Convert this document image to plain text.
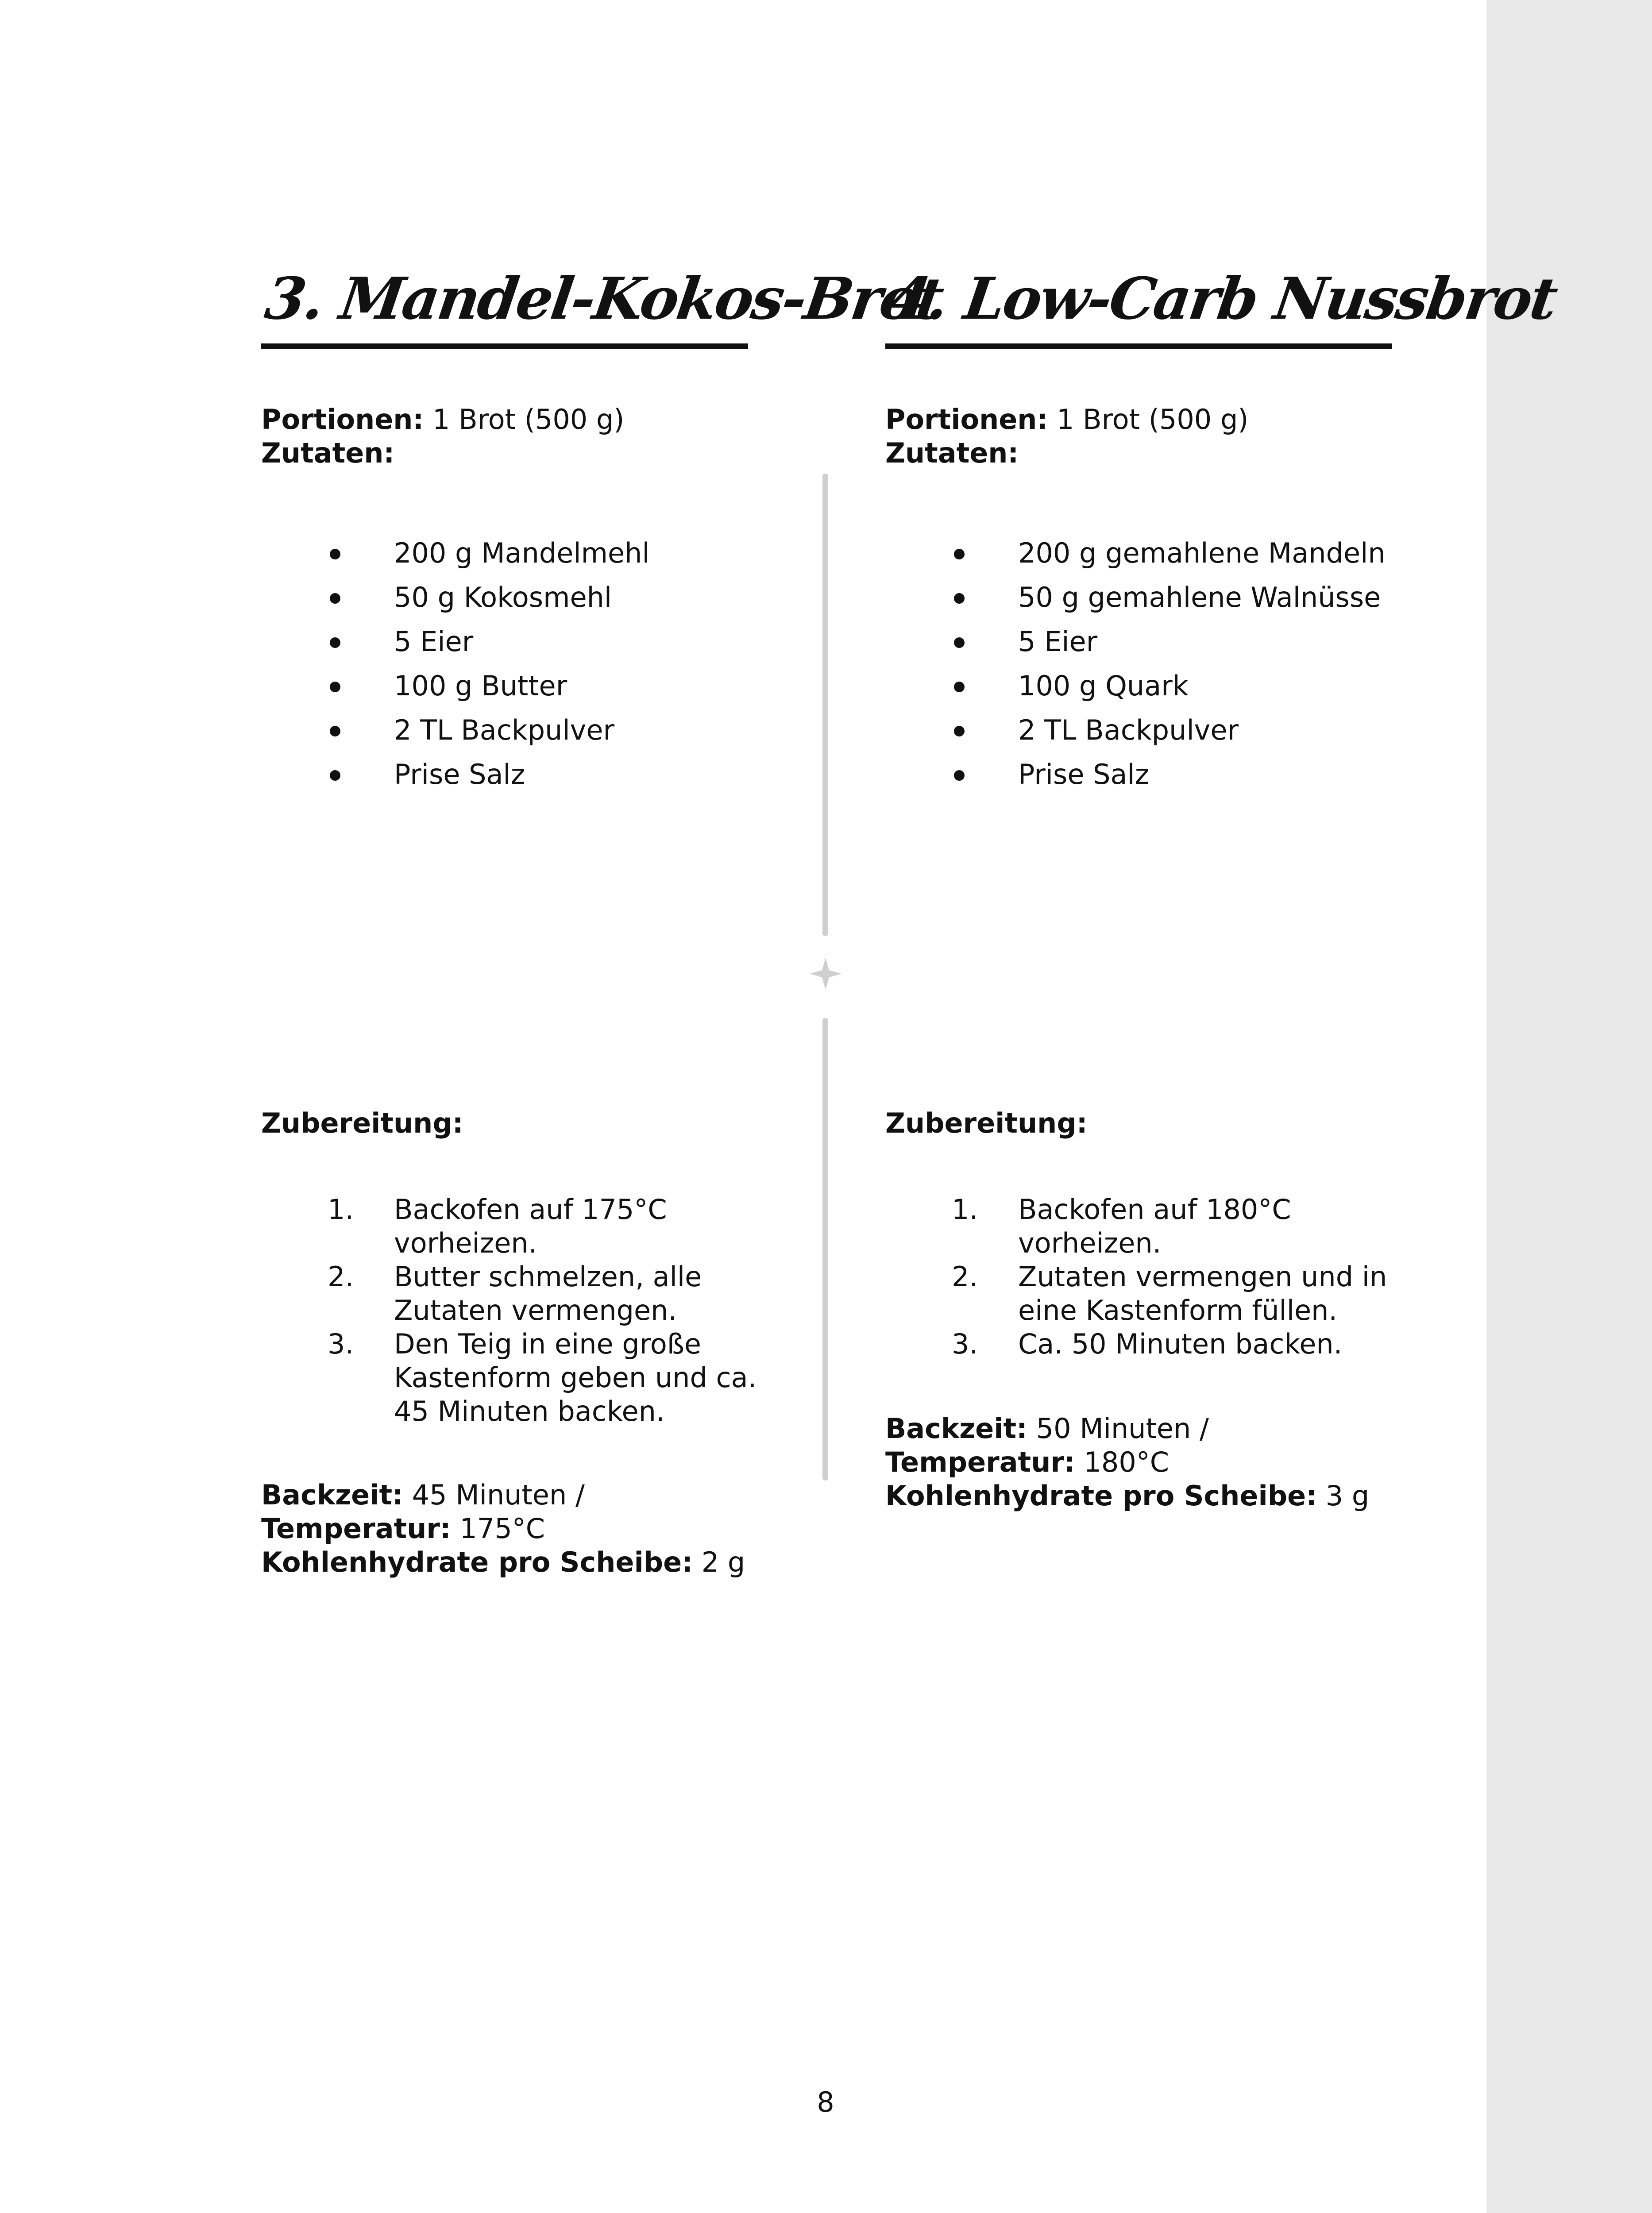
3. Mandel-Kokos-Brot
Portionen: 1 Brot (500 g)
Zutaten:
200 g Mandelmehl
50 g Kokosmehl
5 Eier
100 g Butter
2 TL Backpulver
Prise Salz
Zubereitung:
1. Backofen auf 175°C vorheizen.
2. Butter schmelzen, alle Zutaten vermengen.
3. Den Teig in eine große Kastenform geben und ca. 45 Minuten backen.
Backzeit: 45 Minuten / Temperatur: 175°C
Kohlenhydrate pro Scheibe: 2 g
4. Low-Carb Nussbrot
Portionen: 1 Brot (500 g)
Zutaten:
200 g gemahlene Mandeln
50 g gemahlene Walnüsse
5 Eier
100 g Quark
2 TL Backpulver
Prise Salz
Zubereitung:
1. Backofen auf 180°C vorheizen.
2. Zutaten vermengen und in eine Kastenform füllen.
3. Ca. 50 Minuten backen.
Backzeit: 50 Minuten / Temperatur: 180°C
Kohlenhydrate pro Scheibe: 3 g
8
